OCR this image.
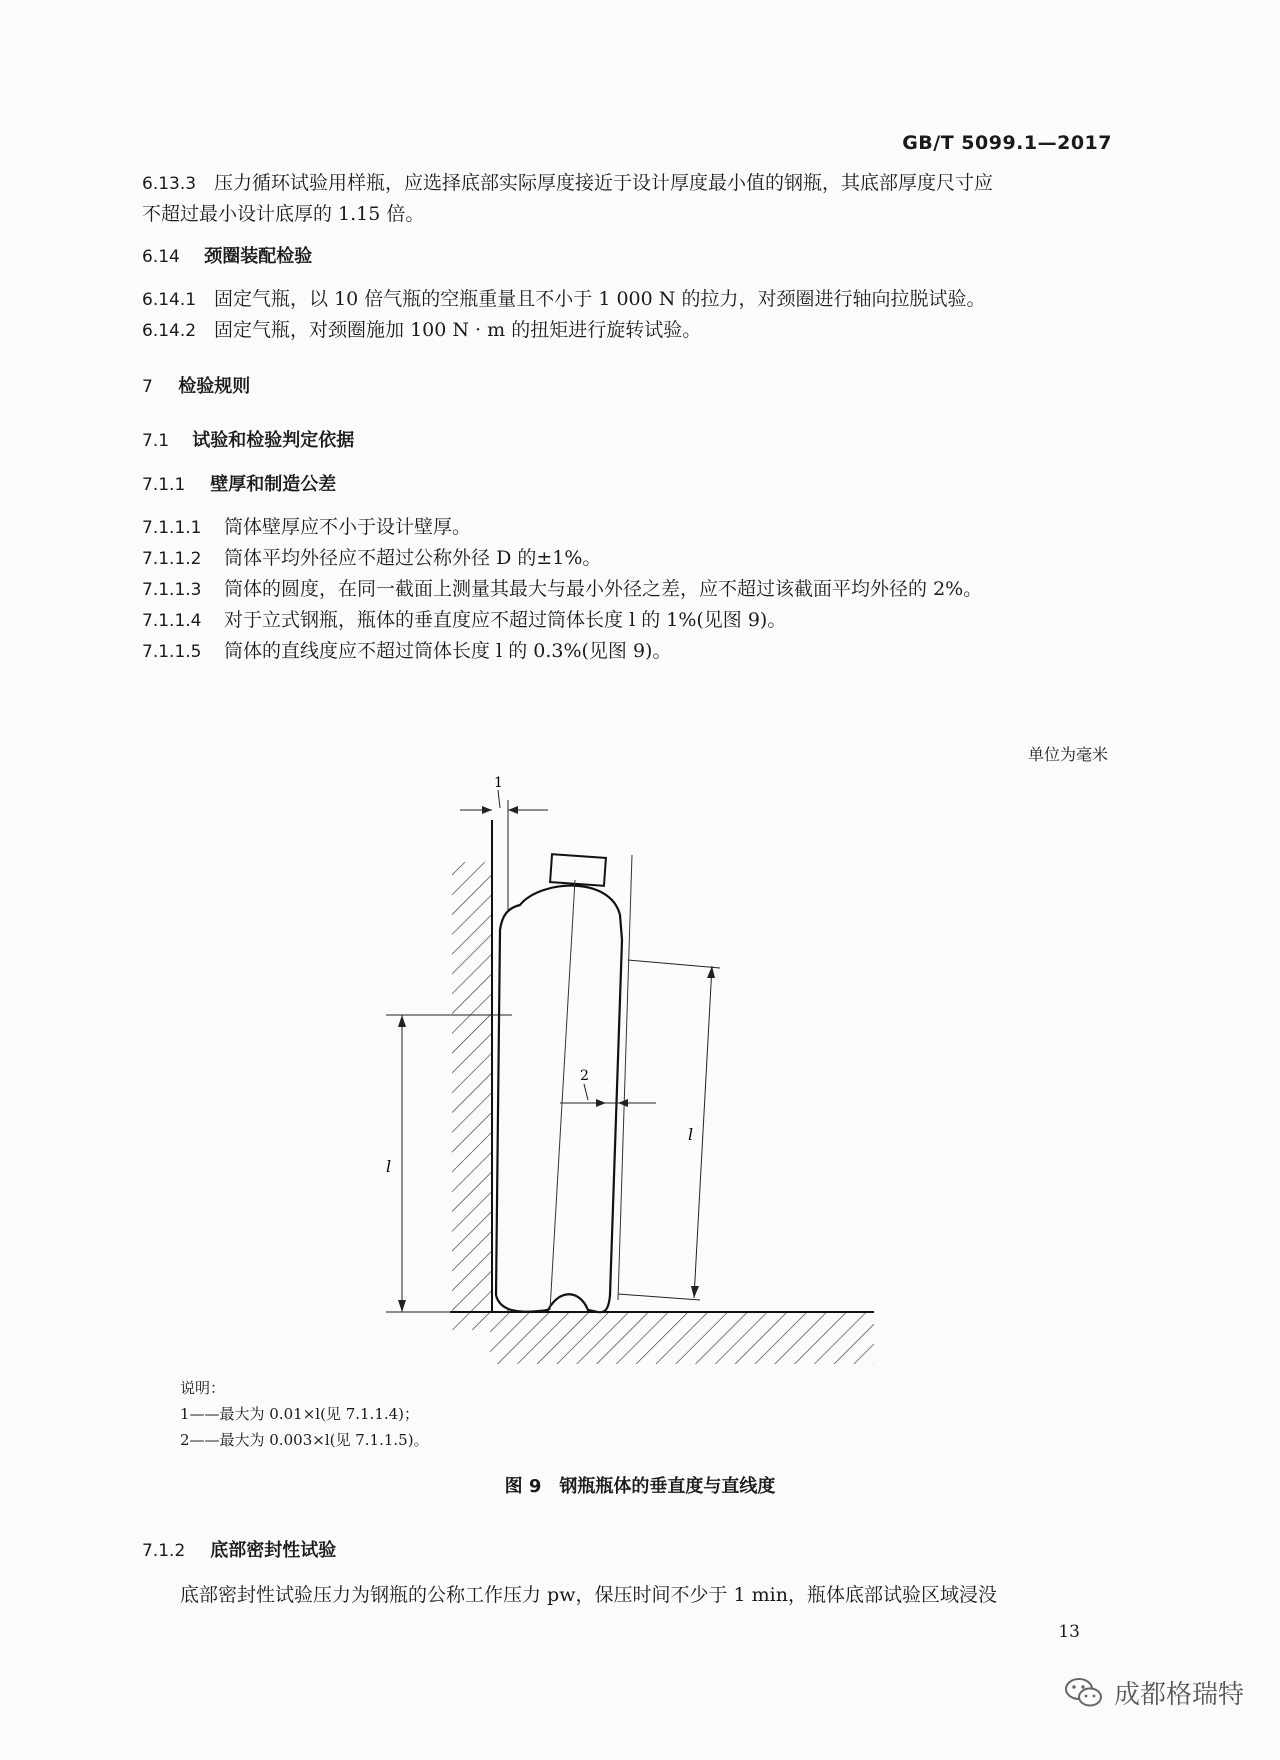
GB/T 5099.1—2017
6.13.3 压力循环试验用样瓶，应选择底部实际厚度接近于设计厚度最小值的钢瓶，其底部厚度尺寸应
不超过最小设计底厚的 1.15 倍。
6.14 颈圈装配检验
6.14.1 固定气瓶，以 10 倍气瓶的空瓶重量且不小于 1 000 N 的拉力，对颈圈进行轴向拉脱试验。
6.14.2 固定气瓶，对颈圈施加 100 N · m 的扭矩进行旋转试验。
7 检验规则
7.1 试验和检验判定依据
7.1.1 壁厚和制造公差
7.1.1.1 筒体壁厚应不小于设计壁厚。
7.1.1.2 筒体平均外径应不超过公称外径 D 的±1%。
7.1.1.3 筒体的圆度，在同一截面上测量其最大与最小外径之差，应不超过该截面平均外径的 2%。
7.1.1.4 对于立式钢瓶，瓶体的垂直度应不超过筒体长度 l 的 1%(见图 9)。
7.1.1.5 筒体的直线度应不超过筒体长度 l 的 0.3%(见图 9)。
单位为毫米
1
2
l
l
说明：
1——最大为 0.01×l(见 7.1.1.4)；
2——最大为 0.003×l(见 7.1.1.5)。
图 9　钢瓶瓶体的垂直度与直线度
7.1.2 底部密封性试验
底部密封性试验压力为钢瓶的公称工作压力 pw，保压时间不少于 1 min，瓶体底部试验区域浸没
13
成都格瑞特
